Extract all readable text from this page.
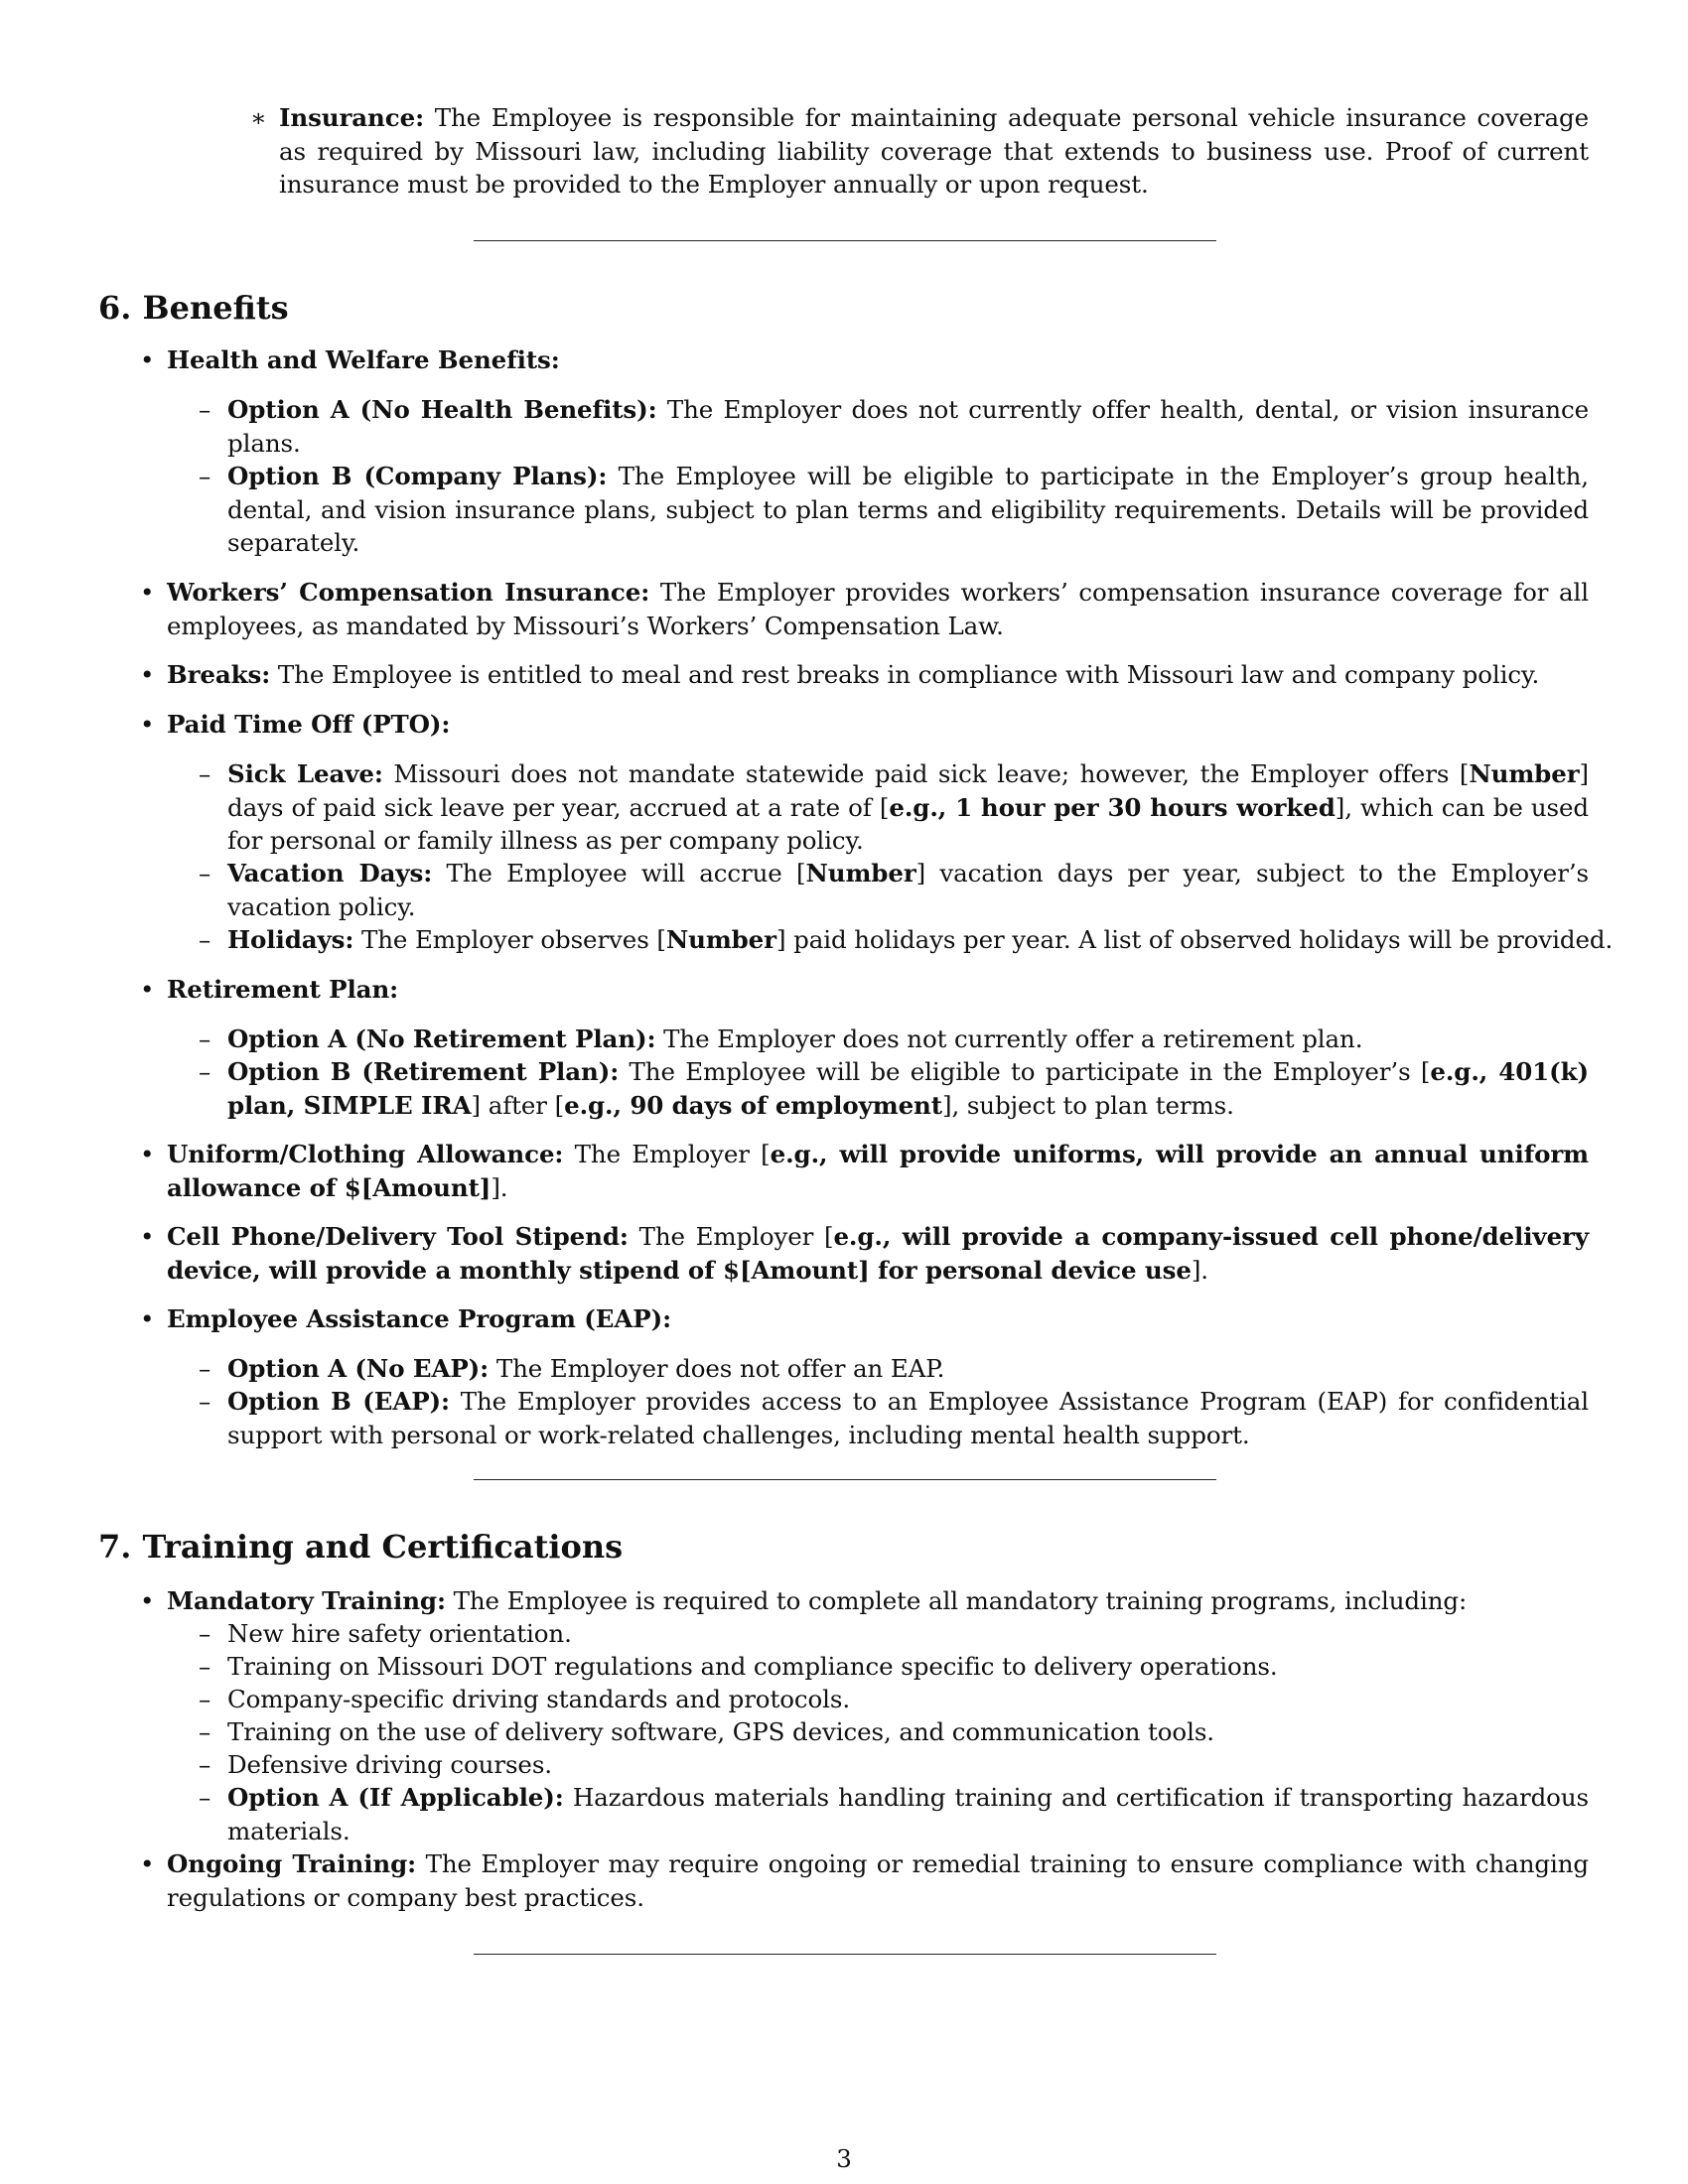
∗ Insurance: The Employee is responsible for maintaining adequate personal vehicle insurance coverage as required by Missouri law, including liability coverage that extends to business use. Proof of current insurance must be provided to the Employer annually or upon request.
6. Benefits
• Health and Welfare Benefits:
– Option A (No Health Benefits): The Employer does not currently offer health, dental, or vision insurance plans.
– Option B (Company Plans): The Employee will be eligible to participate in the Employer’s group health, dental, and vision insurance plans, subject to plan terms and eligibility requirements. Details will be provided separately.
• Workers’ Compensation Insurance: The Employer provides workers’ compensation insurance coverage for all employees, as mandated by Missouri’s Workers’ Compensation Law.
• Breaks: The Employee is entitled to meal and rest breaks in compliance with Missouri law and company policy.
• Paid Time Off (PTO):
– Sick Leave: Missouri does not mandate statewide paid sick leave; however, the Employer offers [Number] days of paid sick leave per year, accrued at a rate of [e.g., 1 hour per 30 hours worked], which can be used for personal or family illness as per company policy.
– Vacation Days: The Employee will accrue [Number] vacation days per year, subject to the Employer’s vacation policy.
– Holidays: The Employer observes [Number] paid holidays per year. A list of observed holidays will be provided.
• Retirement Plan:
– Option A (No Retirement Plan): The Employer does not currently offer a retirement plan.
– Option B (Retirement Plan): The Employee will be eligible to participate in the Employer’s [e.g., 401(k) plan, SIMPLE IRA] after [e.g., 90 days of employment], subject to plan terms.
• Uniform/Clothing Allowance: The Employer [e.g., will provide uniforms, will provide an annual uniform allowance of $[Amount]].
• Cell Phone/Delivery Tool Stipend: The Employer [e.g., will provide a company-issued cell phone/delivery device, will provide a monthly stipend of $[Amount] for personal device use].
• Employee Assistance Program (EAP):
– Option A (No EAP): The Employer does not offer an EAP.
– Option B (EAP): The Employer provides access to an Employee Assistance Program (EAP) for confidential support with personal or work-related challenges, including mental health support.
7. Training and Certifications
• Mandatory Training: The Employee is required to complete all mandatory training programs, including:
– New hire safety orientation.
– Training on Missouri DOT regulations and compliance specific to delivery operations.
– Company-specific driving standards and protocols.
– Training on the use of delivery software, GPS devices, and communication tools.
– Defensive driving courses.
– Option A (If Applicable): Hazardous materials handling training and certification if transporting hazardous materials.
• Ongoing Training: The Employer may require ongoing or remedial training to ensure compliance with changing regulations or company best practices.
3
